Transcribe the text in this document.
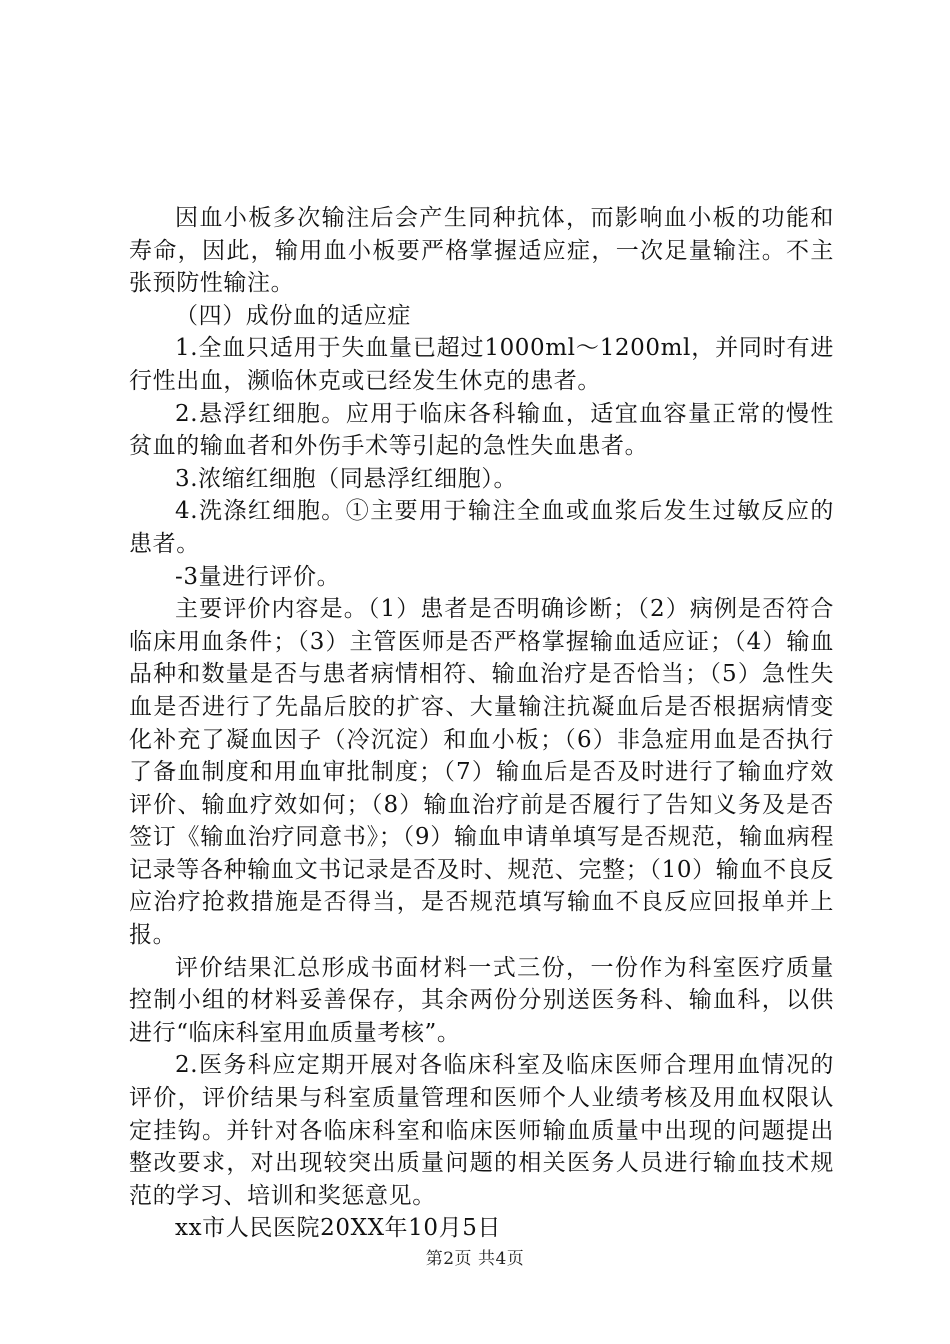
因血小板多次输注后会产生同种抗体，而影响血小板的功能和寿命，因此，输用血小板要严格掌握适应症，一次足量输注。不主张预防性输注。

（四）成份血的适应症

1.全血只适用于失血量已超过1000ml～1200ml，并同时有进行性出血，濒临休克或已经发生休克的患者。

2.悬浮红细胞。应用于临床各科输血，适宜血容量正常的慢性贫血的输血者和外伤手术等引起的急性失血患者。

3.浓缩红细胞（同悬浮红细胞）。

4.洗涤红细胞。①主要用于输注全血或血浆后发生过敏反应的患者。

-3量进行评价。

主要评价内容是。（1）患者是否明确诊断；（2）病例是否符合临床用血条件；（3）主管医师是否严格掌握输血适应证；（4）输血品种和数量是否与患者病情相符、输血治疗是否恰当；（5）急性失血是否进行了先晶后胶的扩容、大量输注抗凝血后是否根据病情变化补充了凝血因子（冷沉淀）和血小板；（6）非急症用血是否执行了备血制度和用血审批制度；（7）输血后是否及时进行了输血疗效评价、输血疗效如何；（8）输血治疗前是否履行了告知义务及是否签订《输血治疗同意书》；（9）输血申请单填写是否规范，输血病程记录等各种输血文书记录是否及时、规范、完整；（10）输血不良反应治疗抢救措施是否得当，是否规范填写输血不良反应回报单并上报。

评价结果汇总形成书面材料一式三份，一份作为科室医疗质量控制小组的材料妥善保存，其余两份分别送医务科、输血科，以供进行“临床科室用血质量考核”。

2.医务科应定期开展对各临床科室及临床医师合理用血情况的评价，评价结果与科室质量管理和医师个人业绩考核及用血权限认定挂钩。并针对各临床科室和临床医师输血质量中出现的问题提出整改要求，对出现较突出质量问题的相关医务人员进行输血技术规范的学习、培训和奖惩意见。

xx市人民医院20XX年10月5日

第2页 共4页
